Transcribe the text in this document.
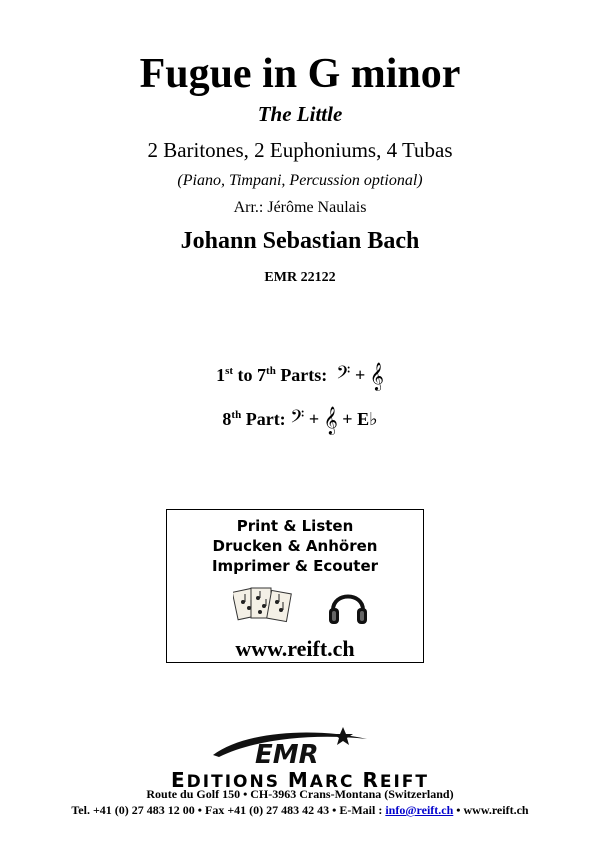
Fugue in G minor
The Little
2 Baritones, 2 Euphoniums, 4 Tubas
(Piano, Timpani, Percussion optional)
Arr.: Jérôme Naulais
Johann Sebastian Bach
EMR 22122
1st to 7th Parts: 𝄢 + 𝄞
8th Part: 𝄢 + 𝄞 + E♭
Print & Listen
Drucken & Anhören
Imprimer & Ecouter
www.reift.ch
EMR
EDITIONS MARC REIFT
Route du Golf 150 • CH-3963 Crans-Montana (Switzerland)
Tel. +41 (0) 27 483 12 00 • Fax +41 (0) 27 483 42 43 • E-Mail : info@reift.ch • www.reift.ch
